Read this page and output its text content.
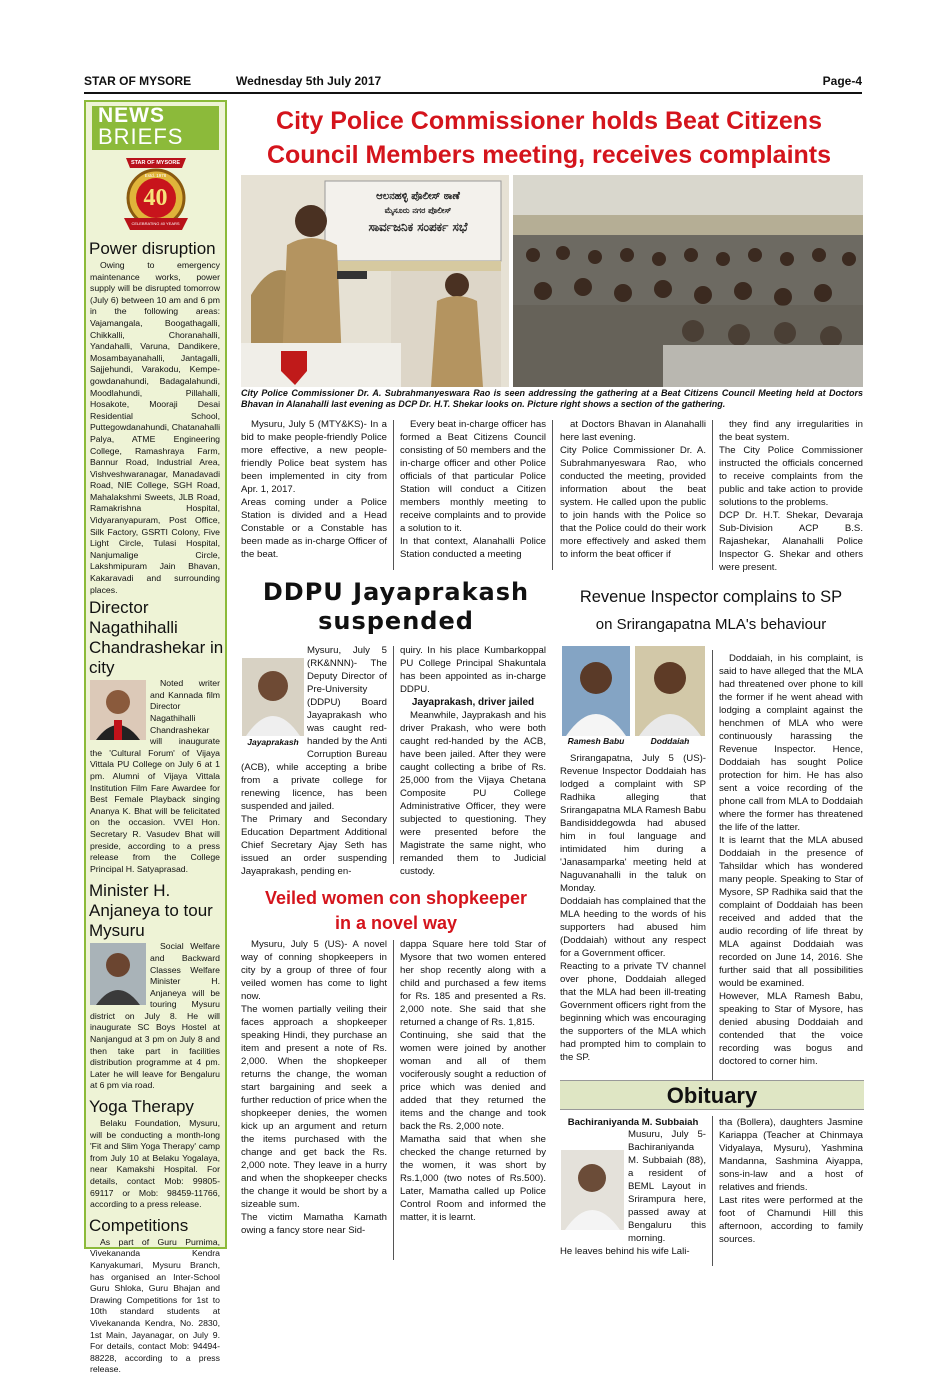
STAR OF MYSORE	Wednesday 5th July 2017	Page-4
NEWS
BRIEFS
STAR OF MYSORE
Estd. 1978
40
CELEBRATING 40 YEARS
Power disruption

Owing to emergency maintenance works, power supply will be disrupted tomorrow (July 6) between 10 am and 6 pm in the following areas: Vajamangala, Boogathagalli, Chikkalli, Choranahalli, Yandahalli, Varuna, Dandikere, Mosambayanahalli, Jantagalli, Sajjehundi, Varakodu, Kempe-gowdanahundi, Badagalahundi, Moodlahundi, Pillahalli, Hosakote, Mooraji Desai Residential School, Puttegowdanahundi, Chatanahalli Palya, ATME Engineering College, Ramashraya Farm, Bannur Road, Industrial Area, Vishveshwaranagar, Manadavadi Road, NIE College, SGH Road, Mahalakshmi Sweets, JLB Road, Ramakrishna Hospital, Vidyaranyapuram, Post Office, Silk Factory, GSRTI Colony, Five Light Circle, Tulasi Hospital, Nanjumalige Circle, Lakshmipuram Jain Bhavan, Kakaravadi and surrounding places.

Director Nagathihalli Chandrashekar in city

Noted writer and Kannada film Director Nagathihalli Chandrashekar will inaugurate the 'Cultural Forum' of Vijaya Vittala PU College on July 6 at 1 pm. Alumni of Vijaya Vittala Institution Film Fare Awardee for Best Female Playback singing Ananya K. Bhat will be felicitated on the occasion. VVEI Hon. Secretary R. Vasudev Bhat will preside, according to a press release from the College Principal H. Satyaprasad.

Minister H. Anjaneya to tour Mysuru

Social Welfare and Backward Classes Welfare Minister H. Anjaneya will be touring Mysuru district on July 8. He will inaugurate SC Boys Hostel at Nanjangud at 3 pm on July 8 and then take part in facilities distribution programme at 4 pm. Later he will leave for Bengaluru at 6 pm via road.

Yoga Therapy

Belaku Foundation, Mysuru, will be conducting a month-long 'Fit and Slim Yoga Therapy' camp from July 10 at Belaku Yogalaya, near Kamakshi Hospital. For details, contact Mob: 99805-69117 or Mob: 98459-11766, according to a press release.

Competitions

As part of Guru Purnima, Vivekananda Kendra Kanyakumari, Mysuru Branch, has organised an Inter-School Guru Shloka, Guru Bhajan and Drawing Competitions for 1st to 10th standard students at Vivekananda Kendra, No. 2830, 1st Main, Jayanagar, on July 9. For details, contact Mob: 94494-88228, according to a press release.

City Police Commissioner holds Beat Citizens
Council Members meeting, receives complaints
ಆಲನಹಳ್ಳಿ ಪೊಲೀಸ್ ಠಾಣೆ
ಮೈಸೂರು ನಗರ ಪೊಲೀಸ್
ಸಾರ್ವಜನಿಕ ಸಂಪರ್ಕ ಸಭೆ
City Police Commissioner Dr. A. Subrahmanyeswara Rao is seen addressing the gathering at a Beat Citizens Council Meeting held at Doctors Bhavan in Alanahalli last evening as DCP Dr. H.T. Shekar looks on. Picture right shows a section of the gathering.

Mysuru, July 5 (MTY&KS)- In a bid to make people-friendly Police more effective, a new people-friendly Police beat system has been implemented in city from Apr. 1, 2017.
Areas coming under a Police Station is divided and a Head Constable or a Constable has been made as in-charge Officer of the beat.

Every beat in-charge officer has formed a Beat Citizens Council consisting of 50 members and the in-charge officer and other Police officials of that particular Police Station will conduct a Citizen members monthly meeting to receive complaints and to provide a solution to it.
In that context, Alanahalli Police Station conducted a meeting

at Doctors Bhavan in Alanahalli here last evening.
City Police Commissioner Dr. A. Subrahmanyeswara Rao, who conducted the meeting, provided information about the beat system. He called upon the public to join hands with the Police so that the Police could do their work more effectively and asked them to inform the beat officer if

they find any irregularities in the beat system.
The City Police Commissioner instructed the officials concerned to receive complaints from the public and take action to provide solutions to the problems.
DCP Dr. H.T. Shekar, Devaraja Sub-Division ACP B.S. Rajashekar, Alanahalli Police Inspector G. Shekar and others were present.

DDPU Jayaprakash
suspended
Jayaprakash

Mysuru, July 5 (RK&NNN)- The Deputy Director of Pre-University (DDPU) Board Jayaprakash who was caught red-handed by the Anti Corruption Bureau (ACB), while accepting a bribe from a private college for renewing licence, has been suspended and jailed.
The Primary and Secondary Education Department Additional Chief Secretary Ajay Seth has issued an order suspending Jayaprakash, pending en-

quiry. In his place Kumbarkoppal PU College Principal Shakuntala has been appointed as in-charge DDPU.

Jayaprakash, driver jailed

Meanwhile, Jayprakash and his driver Prakash, who were both caught red-handed by the ACB, have been jailed. After they were caught collecting a bribe of Rs. 25,000 from the Vijaya Chetana Composite PU College Administrative Officer, they were subjected to questioning. They were presented before the Magistrate the same night, who remanded them to Judicial custody.

Veiled women con shopkeeper
in a novel way

Mysuru, July 5 (US)- A novel way of conning shopkeepers in city by a group of three of four veiled women has come to light now.
The women partially veiling their faces approach a shopkeeper speaking Hindi, they purchase an item and present a note of Rs. 2,000. When the shopkeeper returns the change, the woman start bargaining and seek a further reduction of price when the shopkeeper denies, the women kick up an argument and return the items purchased with the change and get back the Rs. 2,000 note. They leave in a hurry and when the shopkeeper checks the change it would be short by a sizeable sum.
The victim Mamatha Kamath owing a fancy store near Sid-

dappa Square here told Star of Mysore that two women entered her shop recently along with a child and purchased a few items for Rs. 185 and presented a Rs. 2,000 note. She said that she returned a change of Rs. 1,815.
Continuing, she said that the women were joined by another woman and all of them vociferously sought a reduction of price which was denied and added that they returned the items and the change and took back the Rs. 2,000 note.
Mamatha said that when she checked the change returned by the women, it was short by Rs.1,000 (two notes of Rs.500). Later, Mamatha called up Police Control Room and informed the matter, it is learnt.

Revenue Inspector complains to SP
on Srirangapatna MLA's behaviour
Ramesh Babu	Doddaiah

Srirangapatna, July 5 (US)- Revenue Inspector Doddaiah has lodged a complaint with SP Radhika alleging that Srirangapatna MLA Ramesh Babu Bandisiddegowda had abused him in foul language and intimidated him during a 'Janasamparka' meeting held at Naguvanahalli in the taluk on Monday.
Doddaiah has complained that the MLA heeding to the words of his supporters had abused him (Doddaiah) without any respect for a Government officer.
Reacting to a private TV channel over phone, Doddaiah alleged that the MLA had been ill-treating Government officers right from the beginning which was encouraging the supporters of the MLA which had prompted him to complain to the SP.

Doddaiah, in his complaint, is said to have alleged that the MLA had threatened over phone to kill the former if he went ahead with lodging a complaint against the henchmen of MLA who were continuously harassing the Revenue Inspector. Hence, Doddaiah has sought Police protection for him. He has also sent a voice recording of the phone call from MLA to Doddaiah where the former has threatened the life of the latter.
It is learnt that the MLA abused Doddaiah in the presence of Tahsildar which has wondered many people. Speaking to Star of Mysore, SP Radhika said that the complaint of Doddaiah has been received and added that the audio recording of life threat by MLA against Doddaiah was recorded on June 14, 2016. She further said that all possibilities would be examined.
However, MLA Ramesh Babu, speaking to Star of Mysore, has denied abusing Doddaiah and contended that the voice recording was bogus and doctored to corner him.

Obituary
Bachiraniyanda M. Subbaiah

Musuru, July 5- Bachiraniyanda M. Subbaiah (88), a resident of BEML Layout in Srirampura here, passed away at Bengaluru this morning.
He leaves behind his wife Lali-

tha (Bollera), daughters Jasmine Kariappa (Teacher at Chinmaya Vidyalaya, Mysuru), Yashmina Mandanna, Sashmina Aiyappa, sons-in-law and a host of relatives and friends.
Last rites were performed at the foot of Chamundi Hill this afternoon, according to family sources.
